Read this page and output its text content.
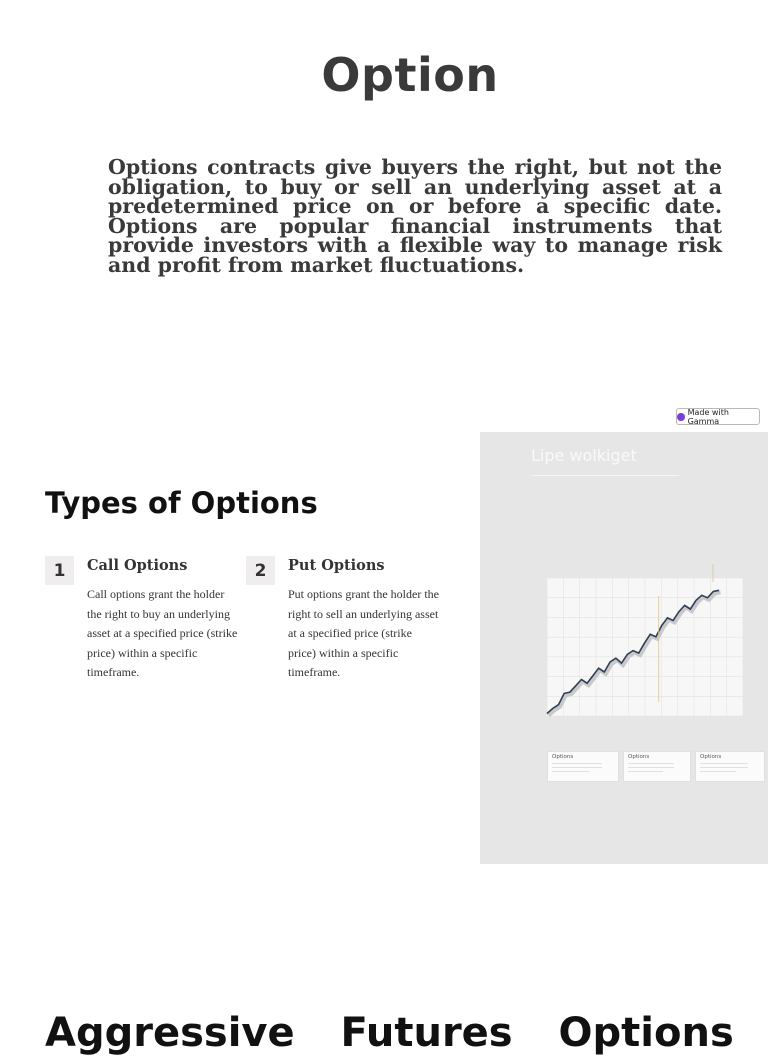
Option

Options contracts give buyers the right, but not the obligation, to buy or sell an underlying asset at a predetermined price on or before a specific date. Options are popular financial instruments that provide investors with a flexible way to manage risk and profit from market fluctuations.

Made with Gamma
Types of Options
1	Call Options

Call options grant the holder the right to buy an underlying asset at a specified price (strike price) within a specific timeframe.

2	Put Options

Put options grant the holder the right to sell an underlying asset at a specified price (strike price) within a specific timeframe.

Lipe wolkiget
Options	Options	Options
Aggressive Futures Options
